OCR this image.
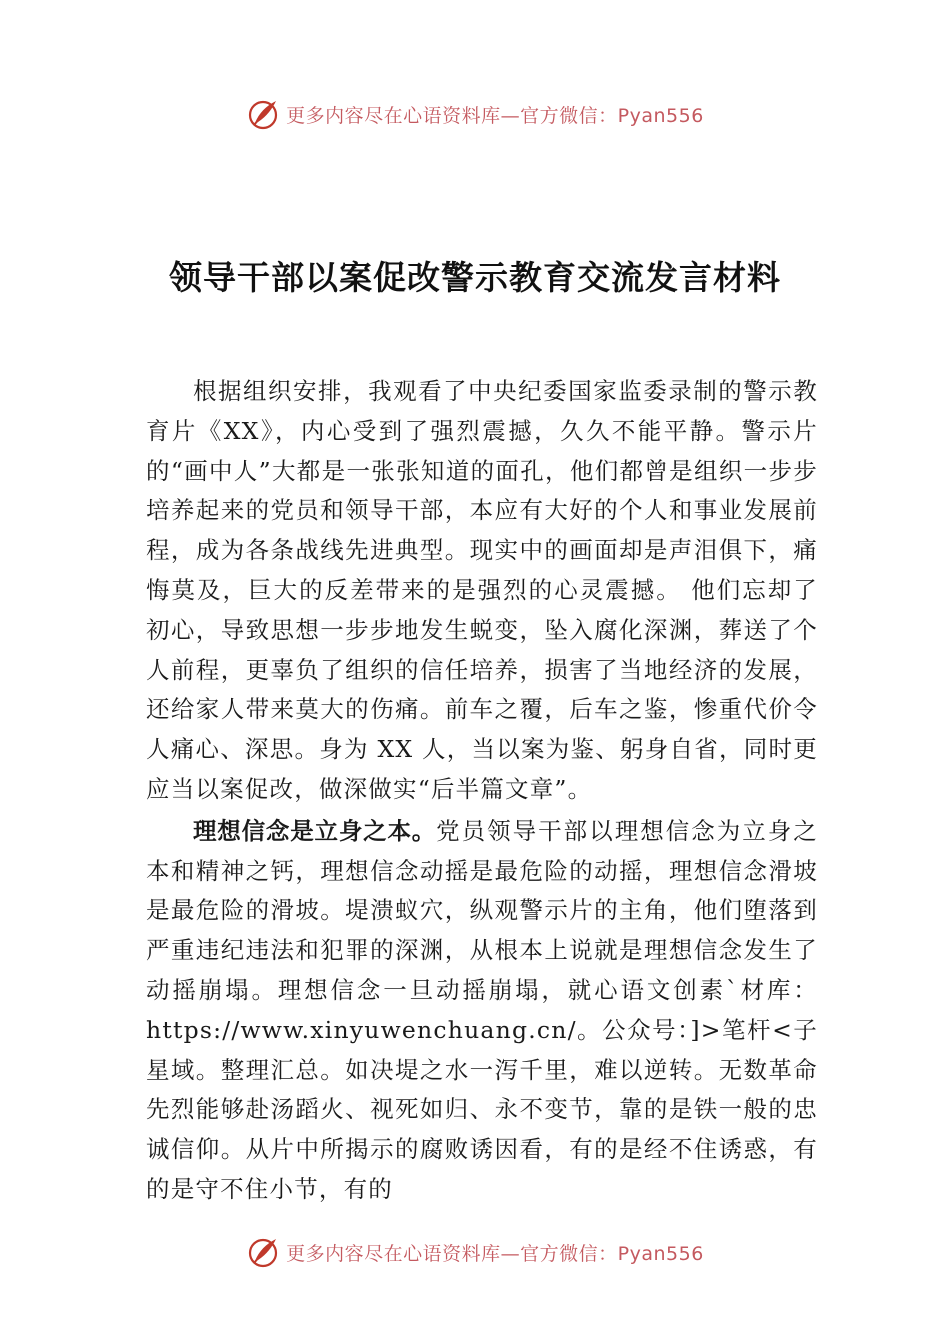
更多内容尽在心语资料库—官方微信：Pyan556
领导干部以案促改警示教育交流发言材料

根据组织安排，我观看了中央纪委国家监委录制的警示教育片《XX》，内心受到了强烈震撼，久久不能平静。警示片的“画中人”大都是一张张知道的面孔，他们都曾是组织一步步培养起来的党员和领导干部，本应有大好的个人和事业发展前程，成为各条战线先进典型。现实中的画面却是声泪俱下，痛悔莫及，巨大的反差带来的是强烈的心灵震撼。 他们忘却了初心，导致思想一步步地发生蜕变，坠入腐化深渊，葬送了个人前程，更辜负了组织的信任培养，损害了当地经济的发展，还给家人带来莫大的伤痛。前车之覆，后车之鉴，惨重代价令人痛心、深思。身为 XX 人，当以案为鉴、躬身自省，同时更应当以案促改，做深做实“后半篇文章”。

理想信念是立身之本。党员领导干部以理想信念为立身之本和精神之钙，理想信念动摇是最危险的动摇，理想信念滑坡是最危险的滑坡。堤溃蚁穴，纵观警示片的主角，他们堕落到严重违纪违法和犯罪的深渊，从根本上说就是理想信念发生了动摇崩塌。理想信念一旦动摇崩塌，就心语文创素`材库：https://www.xinyuwenchuang.cn/。公众号：]>笔杆<子星域。整理汇总。如决堤之水一泻千里，难以逆转。无数革命先烈能够赴汤蹈火、视死如归、永不变节，靠的是铁一般的忠诚信仰。从片中所揭示的腐败诱因看，有的是经不住诱惑，有的是守不住小节，有的

更多内容尽在心语资料库—官方微信：Pyan556
